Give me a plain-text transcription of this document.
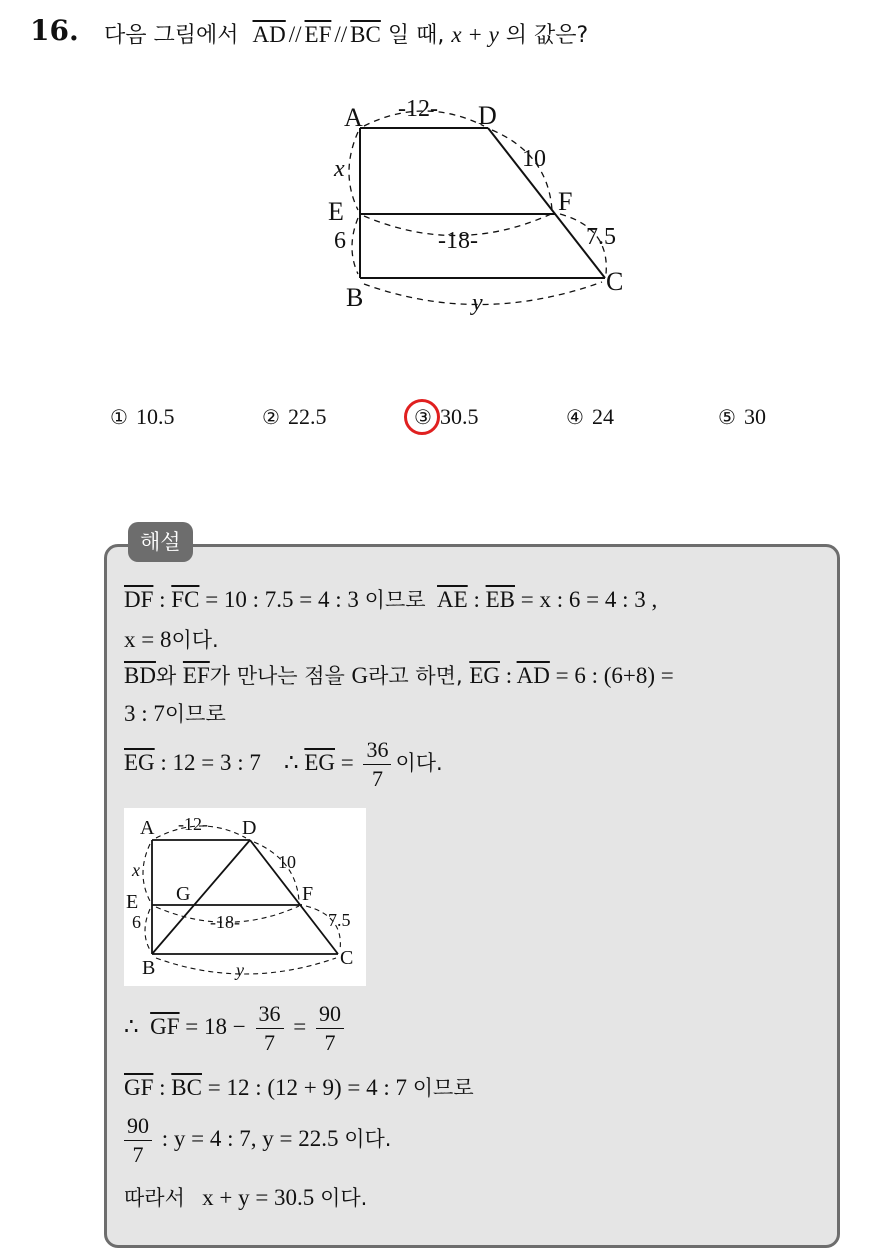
16. 다음 그림에서 $\overline{AD} // \overline{EF} // \overline{BC}$ 일 때, x + y 의 값은?
A	D
E	F
B
C
-12-
10
x
-18-	7.5
6
y
① 10.5	② 22.5	③ 30.5	④ 24	⑤ 30
해설
$\overline{DF}$ : $\overline{FC} = 10$ : 7.5 = 4 : 3 이므로 $\overline{AE}$ : $\overline{EB} = x$ : 6 = 4 : 3 ,
x = 8이다.
$\overline{BD}$와 $\overline{EF}$가 만나는 점을 G라고 하면, $\overline{EG}$ : $\overline{AD} = 6$ : (6+8) =
3 : 7이므로
$\overline{EG}$ : 12 = 3 : 7 ∴ $\overline{EG} = \frac{36}{7}$ 이다.
A	D
E G	F
B	C
-12-
10
x
-18-	7.5
6
y
∴ $\overline{GF} = 18 - \frac{36}{7} = \frac{90}{7}$
$\overline{GF}$ : $\overline{BC} = 12$ : (12 + 9) = 4 : 7 이므로
$\frac{90}{7}$ : y = 4 : 7, y = 22.5 이다.
따라서 x + y = 30.5 이다.
